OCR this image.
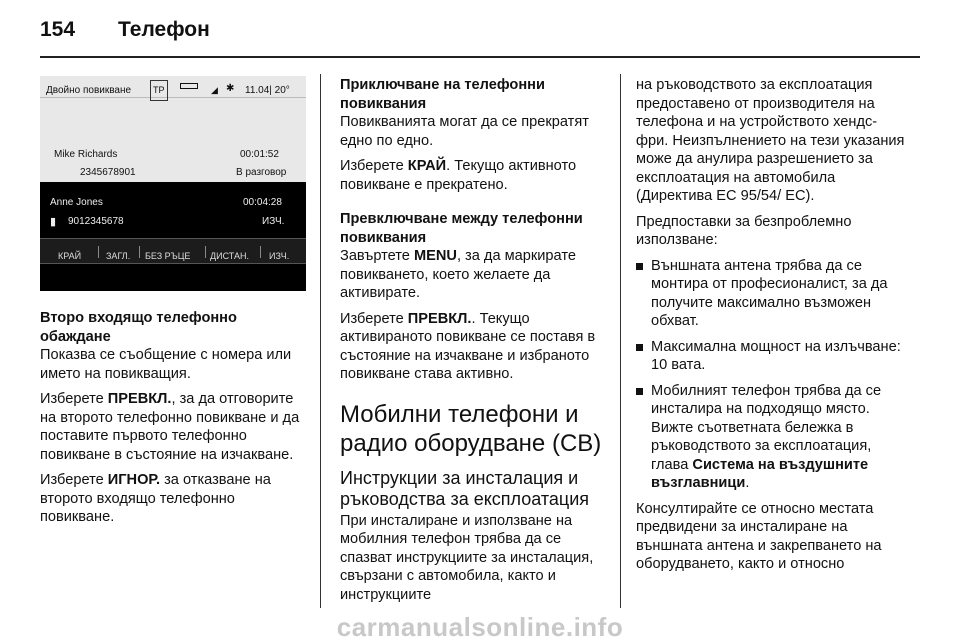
154 Телефон
Двойно повикване	TP	◢ ✱ 11.04| 20°
Mike Richards	00:01:52
2345678901	В разговор
Anne Jones	00:04:28
▮ 9012345678	ИЗЧ.
КРАЙ	ЗАГЛ. БЕЗ РЪЦЕ ДИСТАН. ИЗЧ.
Второ входящо телефонно обаждане

Показва се съобщение с номера или името на повикващия.

Изберете ПРЕВКЛ., за да отговорите на второто телефонно повикване и да поставите първото телефонно повикване в състояние на изчакване.

Изберете ИГНОР. за отказване на второто входящо телефонно повикване.

Приключване на телефонни повиквания

Повикванията могат да се прекратят едно по едно.

Изберете КРАЙ. Текущо активното повикване е прекратено.

Превключване между телефонни повиквания

Завъртете MENU, за да маркирате повикването, което желаете да активирате.

Изберете ПРЕВКЛ.. Текущо активираното повикване се поставя в състояние на изчакване и избраното повикване става активно.

Мобилни телефони и радио оборудване (CB)
Инструкции за инсталация и ръководства за експлоатация

При инсталиране и използване на мобилния телефон трябва да се спазват инструкциите за инсталация, свързани с автомобила, както и инструкциите

на ръководството за експлоатация предоставено от производителя на телефона и на устройството хендс-фри. Неизпълнението на тези указания може да анулира разрешението за експлоатация на автомобила (Директива ЕС 95/54/ ЕС).

Предпоставки за безпроблемно използване:

Външната антена трябва да се монтира от професионалист, за да получите максимално възможен обхват.
Максимална мощност на излъчване: 10 вата.
Мобилният телефон трябва да се инсталира на подходящо място. Вижте съответната бележка в ръководството за експлоатация, глава Система на въздушните възглавници.

Консултирайте се относно местата предвидени за инсталиране на външната антена и закрепването на оборудването, както и относно

carmanualsonline.info
